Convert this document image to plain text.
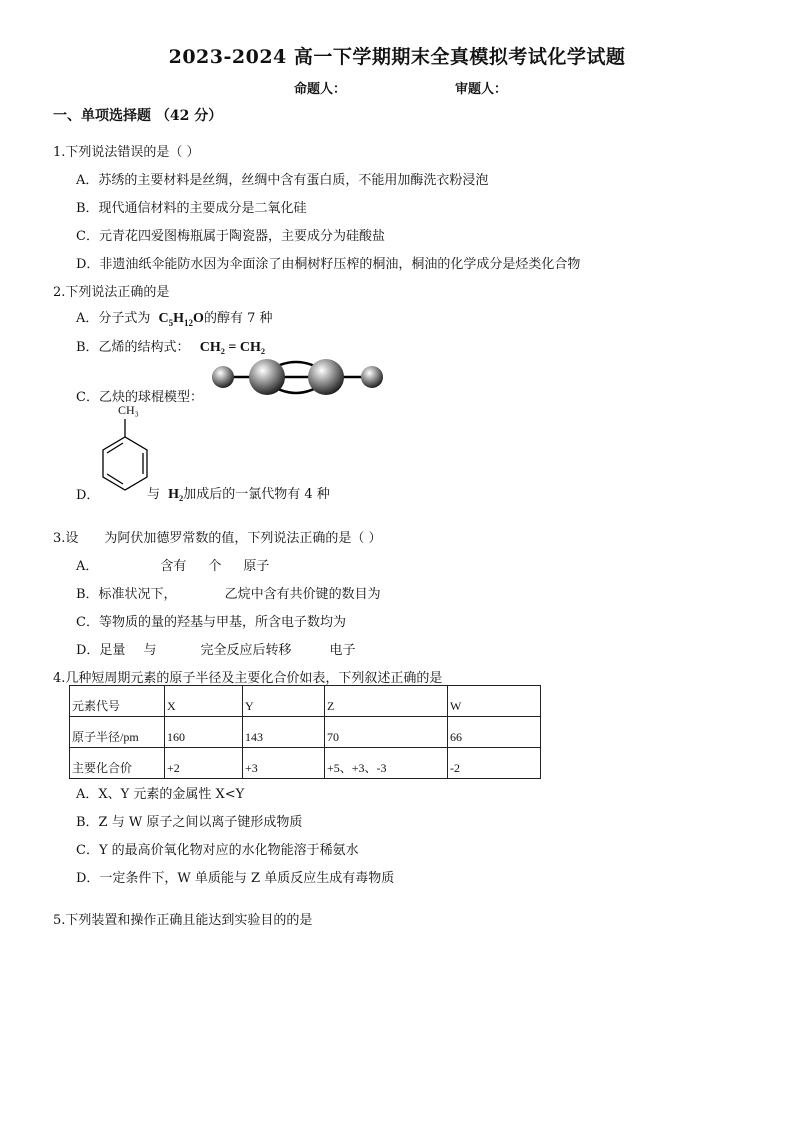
2023-2024 高一下学期期末全真模拟考试化学试题
命题人：	审题人：
一、单项选择题 （42 分）
1.下列说法错误的是（ ）
A．苏绣的主要材料是丝绸，丝绸中含有蛋白质，不能用加酶洗衣粉浸泡
B．现代通信材料的主要成分是二氧化硅
C．元青花四爱图梅瓶属于陶瓷器，主要成分为硅酸盐
D．非遗油纸伞能防水因为伞面涂了由桐树籽压榨的桐油，桐油的化学成分是烃类化合物
2.下列说法正确的是
A．分子式为 $C_5H_{12}O$的醇有 7 种
B．乙烯的结构式： CH₂ = CH₂
C．乙炔的球棍模型：
CH₃
D．	与 H₂加成后的一氯代物有 4 种
3.设 为阿伏加德罗常数的值，下列说法正确的是（ ）
A．	含有 个 原子
B．标准状况下，	乙烷中含有共价键的数目为
C．等物质的量的羟基与甲基，所含电子数均为
D．足量 与	完全反应后转移	电子
4.几种短周期元素的原子半径及主要化合价如表，下列叙述正确的是
元素代号	X	Y	Z	W
原子半径/pm	160	143	70	66
主要化合价	+2	+3	+5、+3、-3	-2
A．X、Y 元素的金属性 X<Y
B．Z 与 W 原子之间以离子键形成物质
C．Y 的最高价氧化物对应的水化物能溶于稀氨水
D．一定条件下，W 单质能与 Z 单质反应生成有毒物质
5.下列装置和操作正确且能达到实验目的的是
